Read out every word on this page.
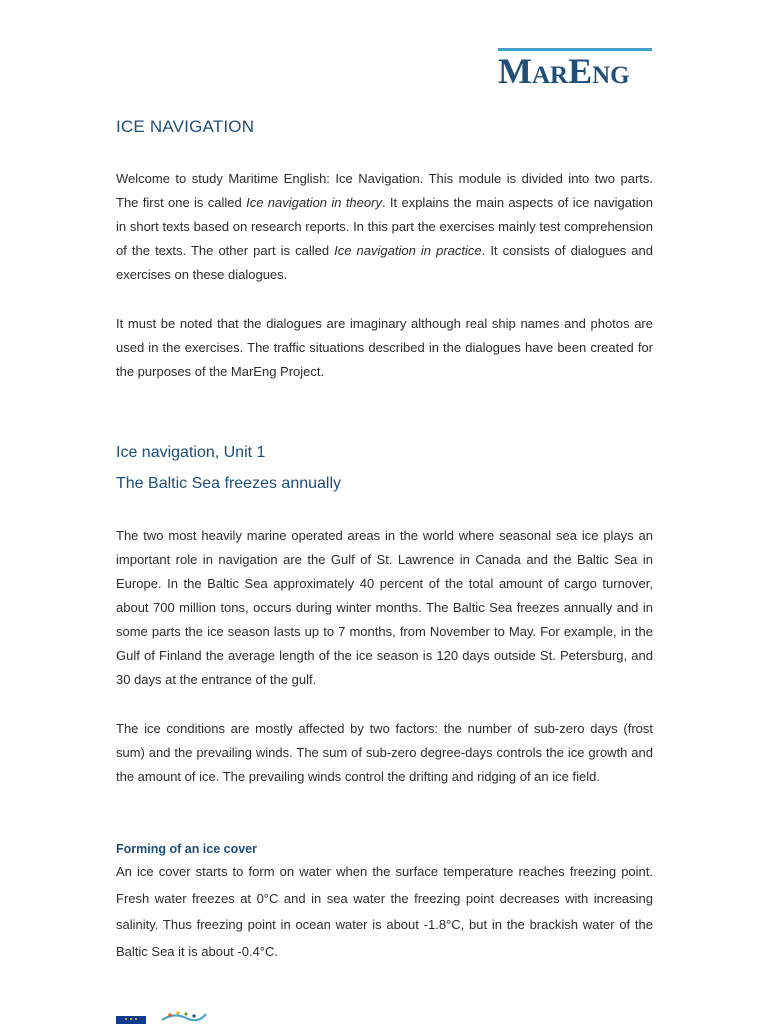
MARENG
ICE NAVIGATION

Welcome to study Maritime English: Ice Navigation. This module is divided into two parts. The first one is called Ice navigation in theory. It explains the main aspects of ice navigation in short texts based on research reports. In this part the exercises mainly test comprehension of the texts. The other part is called Ice navigation in practice. It consists of dialogues and exercises on these dialogues.

It must be noted that the dialogues are imaginary although real ship names and photos are used in the exercises. The traffic situations described in the dialogues have been created for the purposes of the MarEng Project.

Ice navigation, Unit 1
The Baltic Sea freezes annually

The two most heavily marine operated areas in the world where seasonal sea ice plays an important role in navigation are the Gulf of St. Lawrence in Canada and the Baltic Sea in Europe. In the Baltic Sea approximately 40 percent of the total amount of cargo turnover, about 700 million tons, occurs during winter months. The Baltic Sea freezes annually and in some parts the ice season lasts up to 7 months, from November to May. For example, in the Gulf of Finland the average length of the ice season is 120 days outside St. Petersburg, and 30 days at the entrance of the gulf.

The ice conditions are mostly affected by two factors: the number of sub-zero days (frost sum) and the prevailing winds. The sum of sub-zero degree-days controls the ice growth and the amount of ice. The prevailing winds control the drifting and ridging of an ice field.

Forming of an ice cover

An ice cover starts to form on water when the surface temperature reaches freezing point. Fresh water freezes at 0°C and in sea water the freezing point decreases with increasing salinity. Thus freezing point in ocean water is about -1.8°C, but in the brackish water of the Baltic Sea it is about -0.4°C.
